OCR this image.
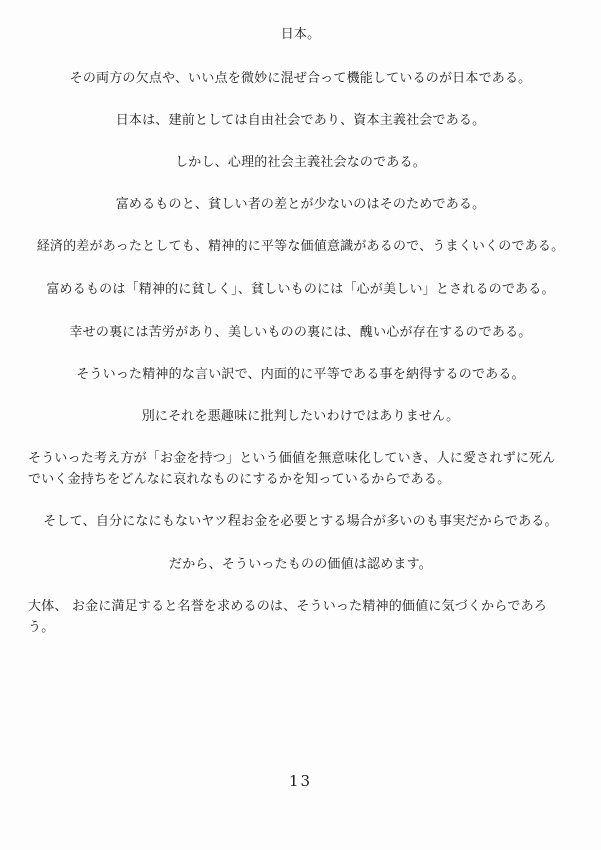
日本。
その両方の欠点や、いい点を微妙に混ぜ合って機能しているのが日本である。
日本は、建前としては自由社会であり、資本主義社会である。
しかし、心理的社会主義社会なのである。
富めるものと、貧しい者の差とが少ないのはそのためである。
経済的差があったとしても、精神的に平等な価値意識があるので、うまくいくのである。
富めるものは「精神的に貧しく」、貧しいものには「心が美しい」とされるのである。
幸せの裏には苦労があり、美しいものの裏には、醜い心が存在するのである。
そういった精神的な言い訳で、内面的に平等である事を納得するのである。
別にそれを悪趣味に批判したいわけではありません。
そういった考え方が「お金を持つ」という価値を無意味化していき、人に愛されずに死ん
でいく金持ちをどんなに哀れなものにするかを知っているからである。
そして、自分になにもないヤツ程お金を必要とする場合が多いのも事実だからである。
だから、そういったものの価値は認めます。
大体、 お金に満足すると名誉を求めるのは、そういった精神的価値に気づくからであろ
う。
13
